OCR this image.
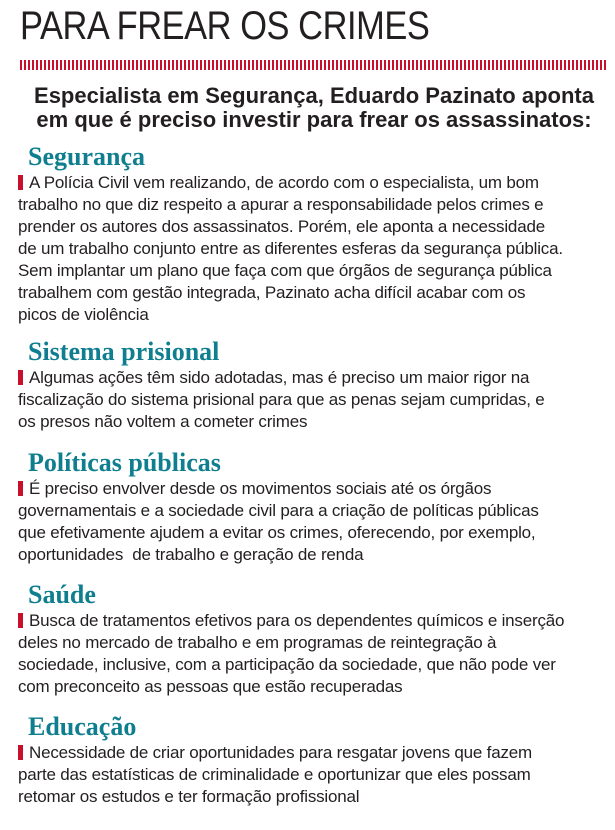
PARA FREAR OS CRIMES

Especialista em Segurança, Eduardo Pazinato aponta
em que é preciso investir para frear os assassinatos:

Segurança

A Polícia Civil vem realizando, de acordo com o especialista, um bom
trabalho no que diz respeito a apurar a responsabilidade pelos crimes e
prender os autores dos assassinatos. Porém, ele aponta a necessidade
de um trabalho conjunto entre as diferentes esferas da segurança pública.
Sem implantar um plano que faça com que órgãos de segurança pública
trabalhem com gestão integrada, Pazinato acha difícil acabar com os
picos de violência

Sistema prisional

Algumas ações têm sido adotadas, mas é preciso um maior rigor na
fiscalização do sistema prisional para que as penas sejam cumpridas, e
os presos não voltem a cometer crimes

Políticas públicas

É preciso envolver desde os movimentos sociais até os órgãos
governamentais e a sociedade civil para a criação de políticas públicas
que efetivamente ajudem a evitar os crimes, oferecendo, por exemplo,
oportunidades  de trabalho e geração de renda

Saúde

Busca de tratamentos efetivos para os dependentes químicos e inserção
deles no mercado de trabalho e em programas de reintegração à
sociedade, inclusive, com a participação da sociedade, que não pode ver
com preconceito as pessoas que estão recuperadas

Educação

Necessidade de criar oportunidades para resgatar jovens que fazem
parte das estatísticas de criminalidade e oportunizar que eles possam
retomar os estudos e ter formação profissional
